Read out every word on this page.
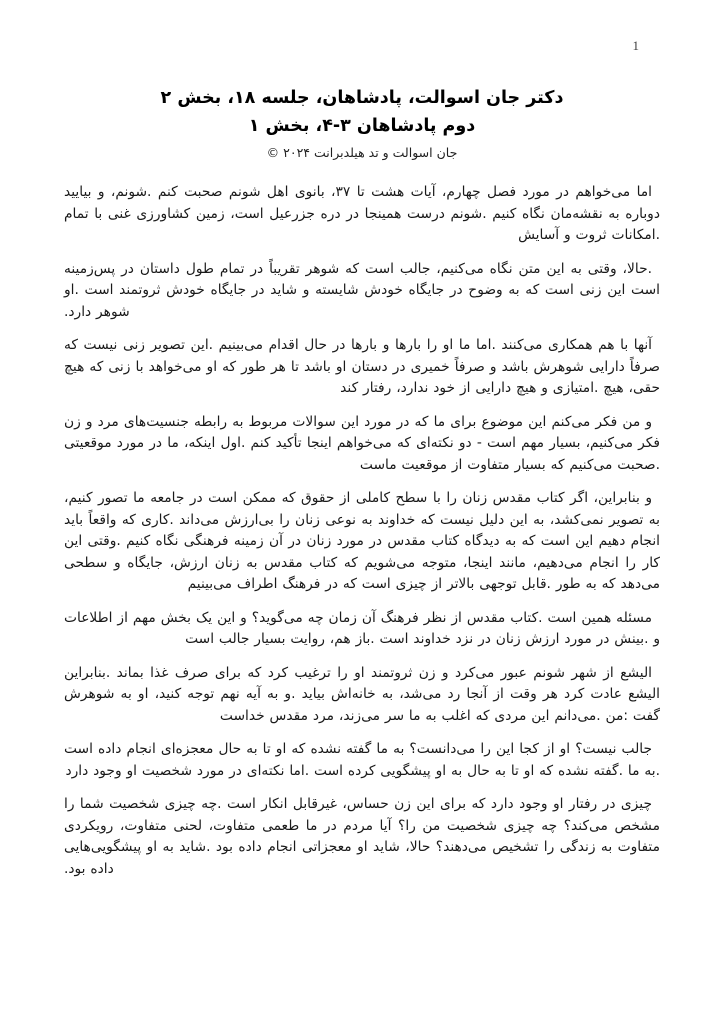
1
دکتر جان اسوالت، پادشاهان، جلسه ۱۸، بخش ۲
دوم پادشاهان ۳-۴، بخش ۱
جان اسوالت و تد هیلدبرانت ۲۰۲۴ ©

اما می‌خواهم در مورد فصل چهارم، آیات هشت تا ۳۷، بانوی اهل شونم صحبت کنم .شونم، و بیایید دوباره به نقشه‌مان نگاه کنیم .شونم درست همینجا در دره جزرعیل است، زمین کشاورزی غنی با تمام .امکانات ثروت و آسایش

.حالا، وقتی به این متن نگاه می‌کنیم، جالب است که شوهر تقریباً در تمام طول داستان در پس‌زمینه است این زنی است که به وضوح در جایگاه خودش شایسته و شاید در جایگاه خودش ثروتمند است .او شوهر دارد.

آنها با هم همکاری می‌کنند .اما ما او را بارها و بارها در حال اقدام می‌بینیم .این تصویر زنی نیست که صرفاً دارایی شوهرش باشد و صرفاً خمیری در دستان او باشد تا هر طور که او می‌خواهد با زنی که هیچ حقی، هیچ .امتیازی و هیچ دارایی از خود ندارد، رفتار کند

و من فکر می‌کنم این موضوع برای ما که در مورد این سوالات مربوط به رابطه جنسیت‌های مرد و زن فکر می‌کنیم، بسیار مهم است - دو نکته‌ای که می‌خواهم اینجا تأکید کنم .اول اینکه، ما در مورد موقعیتی .صحبت می‌کنیم که بسیار متفاوت از موقعیت ماست

و بنابراین، اگر کتاب مقدس زنان را با سطح کاملی از حقوق که ممکن است در جامعه ما تصور کنیم، به تصویر نمی‌کشد، به این دلیل نیست که خداوند به نوعی زنان را بی‌ارزش می‌داند .کاری که واقعاً باید انجام دهیم این است که به دیدگاه کتاب مقدس در مورد زنان در آن زمینه فرهنگی نگاه کنیم .وقتی این کار را انجام می‌دهیم، مانند اینجا، متوجه می‌شویم که کتاب مقدس به زنان ارزش، جایگاه و سطحی می‌دهد که به طور .قابل توجهی بالاتر از چیزی است که در فرهنگ اطراف می‌بینیم

مسئله همین است .کتاب مقدس از نظر فرهنگ آن زمان چه می‌گوید؟ و این یک بخش مهم از اطلاعات و .بینش در مورد ارزش زنان در نزد خداوند است .باز هم، روایت بسیار جالب است

الیشع از شهر شونم عبور می‌کرد و زن ثروتمند او را ترغیب کرد که برای صرف غذا بماند .بنابراین الیشع عادت کرد هر وقت از آنجا رد می‌شد، به خانه‌اش بیاید .و به آیه نهم توجه کنید، او به شوهرش گفت :من .می‌دانم این مردی که اغلب به ما سر می‌زند، مرد مقدس خداست

جالب نیست؟ او از کجا این را می‌دانست؟ به ما گفته نشده که او تا به حال معجزه‌ای انجام داده است .به ما .گفته نشده که او تا به حال به او پیشگویی کرده است .اما نکته‌ای در مورد شخصیت او وجود دارد

چیزی در رفتار او وجود دارد که برای این زن حساس، غیرقابل انکار است .چه چیزی شخصیت شما را مشخص می‌کند؟ چه چیزی شخصیت من را؟ آیا مردم در ما طعمی متفاوت، لحنی متفاوت، رویکردی متفاوت به زندگی را تشخیص می‌دهند؟ حالا، شاید او معجزاتی انجام داده بود .شاید به او پیشگویی‌هایی داده بود.
